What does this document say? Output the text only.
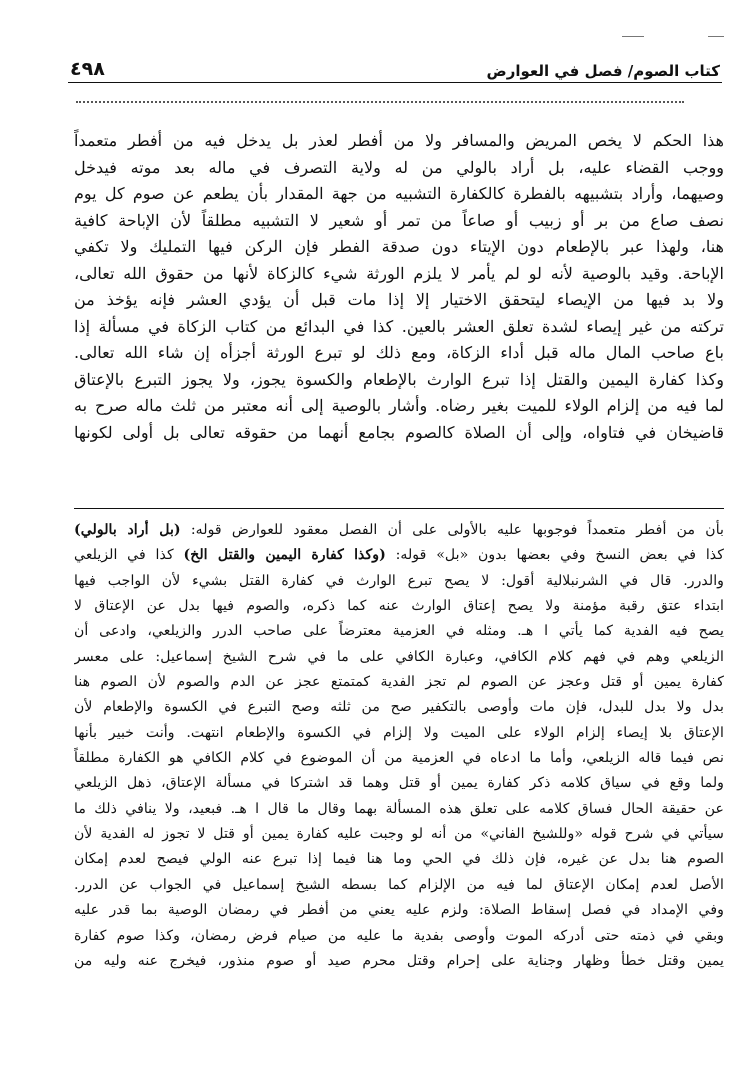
٤٩٨	كتاب الصوم/ فصل في العوارض
هذا الحكم لا يخص المريض والمسافر ولا من أفطر لعذر بل يدخل فيه من أفطر متعمداً
ووجب القضاء عليه، بل أراد بالولي من له ولاية التصرف في ماله بعد موته فيدخل
وصيهما، وأراد بتشبيهه بالفطرة كالكفارة التشبيه من جهة المقدار بأن يطعم عن صوم كل يوم
نصف صاع من بر أو زبيب أو صاعاً من تمر أو شعير لا التشبيه مطلقاً لأن الإباحة كافية
هنا، ولهذا عبر بالإطعام دون الإيتاء دون صدقة الفطر فإن الركن فيها التمليك ولا تكفي
الإباحة. وقيد بالوصية لأنه لو لم يأمر لا يلزم الورثة شيء كالزكاة لأنها من حقوق الله تعالى،
ولا بد فيها من الإيصاء ليتحقق الاختيار إلا إذا مات قبل أن يؤدي العشر فإنه يؤخذ من
تركته من غير إيصاء لشدة تعلق العشر بالعين. كذا في البدائع من كتاب الزكاة في مسألة إذا
باع صاحب المال ماله قبل أداء الزكاة، ومع ذلك لو تبرع الورثة أجزأه إن شاء الله تعالى.
وكذا كفارة اليمين والقتل إذا تبرع الوارث بالإطعام والكسوة يجوز، ولا يجوز التبرع بالإعتاق
لما فيه من إلزام الولاء للميت بغير رضاه. وأشار بالوصية إلى أنه معتبر من ثلث ماله صرح به
قاضيخان في فتاواه، وإلى أن الصلاة كالصوم بجامع أنهما من حقوقه تعالى بل أولى لكونها
بأن من أفطر متعمداً فوجوبها عليه بالأولى على أن الفصل معقود للعوارض قوله: (بل أراد بالولي)
كذا في بعض النسخ وفي بعضها بدون «بل» قوله: (وكذا كفارة اليمين والقتل الخ) كذا في الزيلعي
والدرر. قال في الشرنبلالية أقول: لا يصح تبرع الوارث في كفارة القتل بشيء لأن الواجب فيها
ابتداء عتق رقبة مؤمنة ولا يصح إعتاق الوارث عنه كما ذكره، والصوم فيها بدل عن الإعتاق لا
يصح فيه الفدية كما يأتي ا هـ. ومثله في العزمية معترضاً على صاحب الدرر والزيلعي، وادعى أن
الزيلعي وهم في فهم كلام الكافي، وعبارة الكافي على ما في شرح الشيخ إسماعيل: على معسر
كفارة يمين أو قتل وعجز عن الصوم لم تجز الفدية كمتمتع عجز عن الدم والصوم لأن الصوم هنا
بدل ولا بدل للبدل، فإن مات وأوصى بالتكفير صح من ثلثه وصح التبرع في الكسوة والإطعام لأن
الإعتاق بلا إيصاء إلزام الولاء على الميت ولا إلزام في الكسوة والإطعام انتهت. وأنت خبير بأنها
نص فيما قاله الزيلعي، وأما ما ادعاه في العزمية من أن الموضوع في كلام الكافي هو الكفارة مطلقاً
ولما وقع في سياق كلامه ذكر كفارة يمين أو قتل وهما قد اشتركا في مسألة الإعتاق، ذهل الزيلعي
عن حقيقة الحال فساق كلامه على تعلق هذه المسألة بهما وقال ما قال ا هـ. فبعيد، ولا ينافي ذلك ما
سيأتي في شرح قوله «وللشيخ الفاني» من أنه لو وجبت عليه كفارة يمين أو قتل لا تجوز له الفدية لأن
الصوم هنا بدل عن غيره، فإن ذلك في الحي وما هنا فيما إذا تبرع عنه الولي فيصح لعدم إمكان
الأصل لعدم إمكان الإعتاق لما فيه من الإلزام كما بسطه الشيخ إسماعيل في الجواب عن الدرر.
وفي الإمداد في فصل إسقاط الصلاة: ولزم عليه يعني من أفطر في رمضان الوصية بما قدر عليه
وبقي في ذمته حتى أدركه الموت وأوصى بفدية ما عليه من صيام فرض رمضان، وكذا صوم كفارة
يمين وقتل خطأ وظهار وجناية على إحرام وقتل محرم صيد أو صوم منذور، فيخرج عنه وليه من
